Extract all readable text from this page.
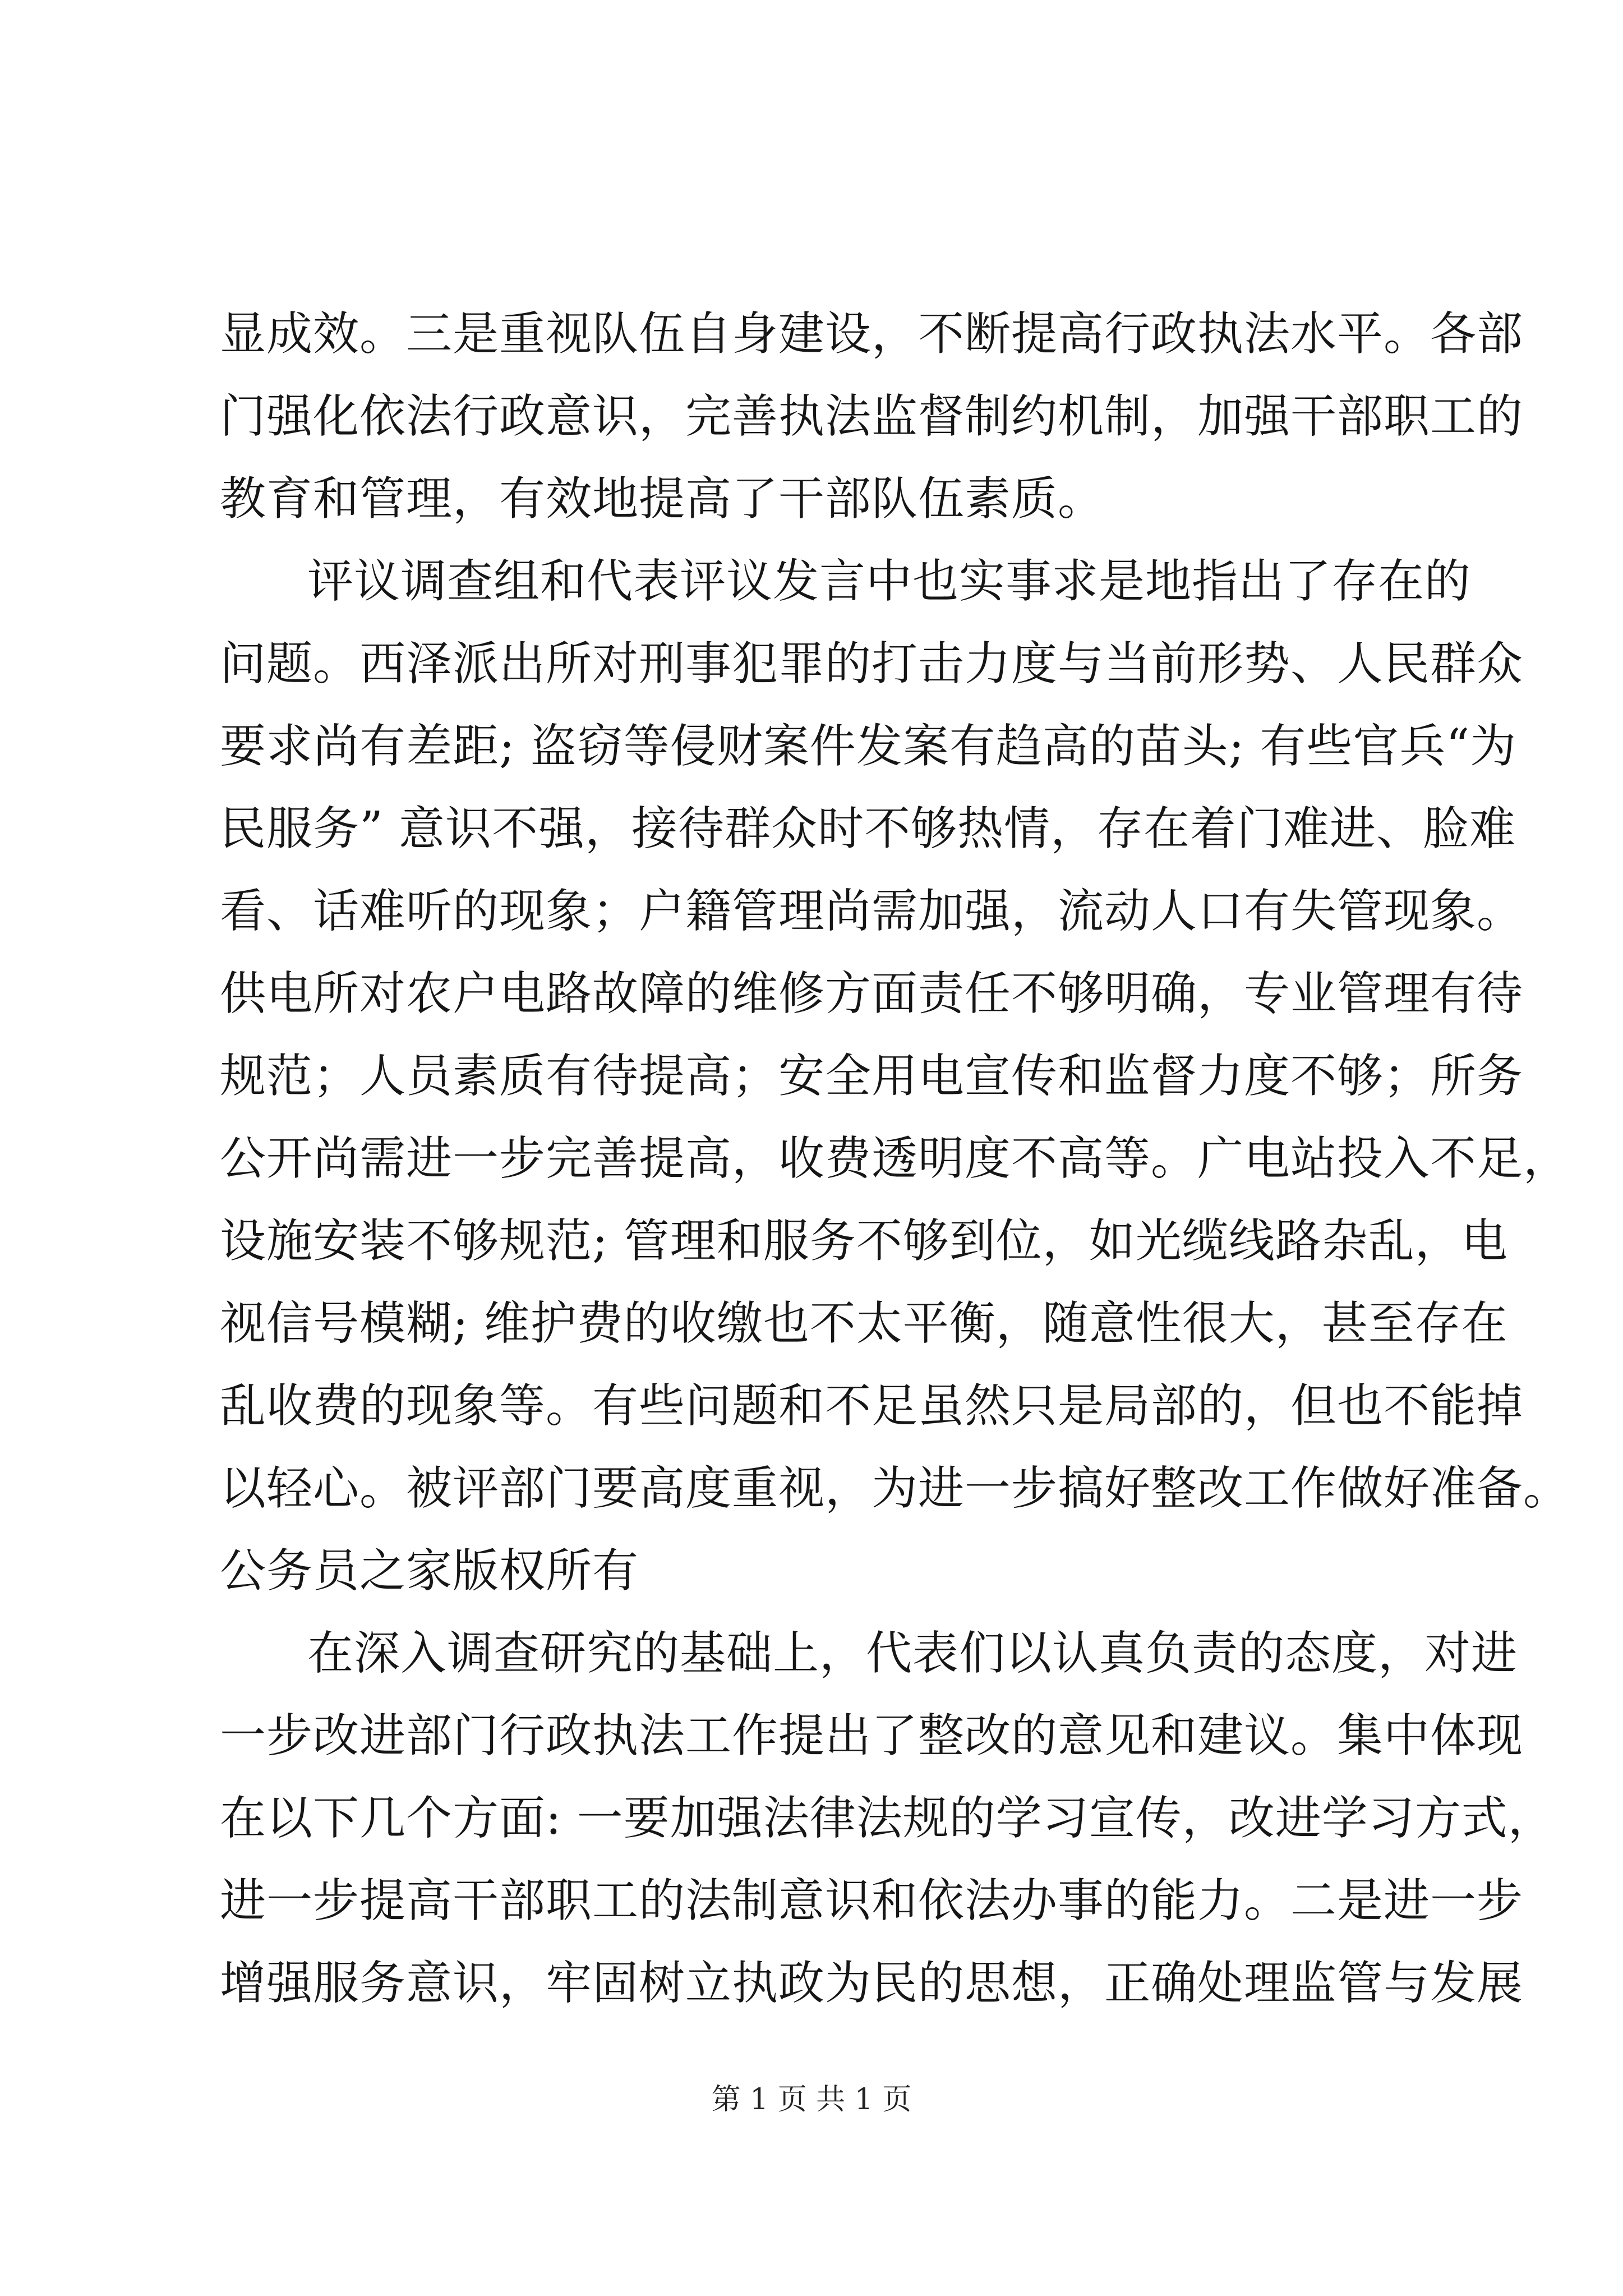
显成效。三是重视队伍自身建设，不断提高行政执法水平。各部
门强化依法行政意识，完善执法监督制约机制，加强干部职工的
教育和管理，有效地提高了干部队伍素质。
评议调查组和代表评议发言中也实事求是地指出了存在的
问题。西泽派出所对刑事犯罪的打击力度与当前形势、人民群众
要求尚有差距; 盗窃等侵财案件发案有趋高的苗头; 有些官兵“为
民服务” 意识不强，接待群众时不够热情，存在着门难进、脸难
看、话难听的现象；户籍管理尚需加强，流动人口有失管现象。
供电所对农户电路故障的维修方面责任不够明确，专业管理有待
规范；人员素质有待提高；安全用电宣传和监督力度不够；所务
公开尚需进一步完善提高，收费透明度不高等。广电站投入不足，
设施安装不够规范; 管理和服务不够到位，如光缆线路杂乱，电
视信号模糊; 维护费的收缴也不太平衡，随意性很大，甚至存在
乱收费的现象等。有些问题和不足虽然只是局部的，但也不能掉
以轻心。被评部门要高度重视，为进一步搞好整改工作做好准备。
公务员之家版权所有
在深入调查研究的基础上，代表们以认真负责的态度，对进
一步改进部门行政执法工作提出了整改的意见和建议。集中体现
在以下几个方面: 一要加强法律法规的学习宣传，改进学习方式，
进一步提高干部职工的法制意识和依法办事的能力。二是进一步
增强服务意识，牢固树立执政为民的思想，正确处理监管与发展
第 1 页 共 1 页
